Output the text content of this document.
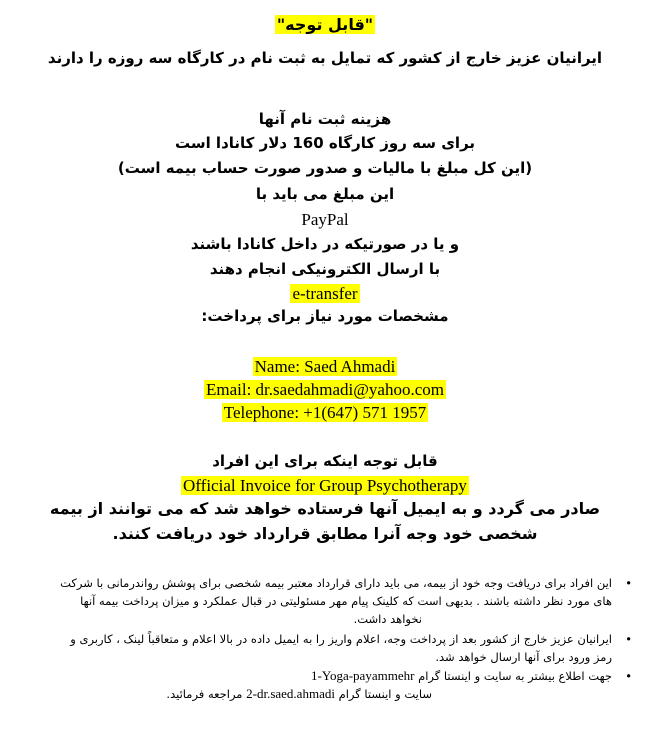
"قابل توجه"
ایرانیان عزیز خارج از کشور که تمایل به ثبت نام در کارگاه سه روزه را دارند
هزینه ثبت نام آنها
برای سه روز کارگاه 160 دلار کانادا است
(این کل مبلغ با مالیات و صدور صورت حساب بیمه است)
این مبلغ می باید با
PayPal
و یا در صورتیکه در داخل کانادا باشند
با ارسال الکترونیکی انجام دهند
e-transfer
مشخصات مورد نیاز برای پرداخت:
Name: Saed Ahmadi
Email: dr.saedahmadi@yahoo.com
Telephone: +1(647) 571 1957
قابل توجه اینکه برای این افراد
Official Invoice for Group Psychotherapy
صادر می گردد و به ایمیل آنها فرستاده خواهد شد که می توانند از بیمه
شخصی خود وجه آنرا مطابق قرارداد خود دریافت کنند.
•
این افراد برای دریافت وجه خود از بیمه، می باید دارای قرارداد معتبر بیمه شخصی برای پوشش رواندرمانی با شرکت
های مورد نظر داشته باشند . بدیهی است که کلینک پیام مهر مسئولیتی در قبال عملکرد و میزان پرداخت بیمه آنها
نخواهد داشت.
•
ایرانیان عزیز خارج از کشور بعد از پرداخت وجه، اعلام واریز را به ایمیل داده در بالا اعلام و متعاقباً لینک ، کاربری و
رمز ورود برای آنها ارسال خواهد شد.
•
جهت اطلاع بیشتر به سایت و اینستا گرام 1-Yoga-payammehr
سایت و اینستا گرام 2-dr.saed.ahmadi مراجعه فرمائید.
